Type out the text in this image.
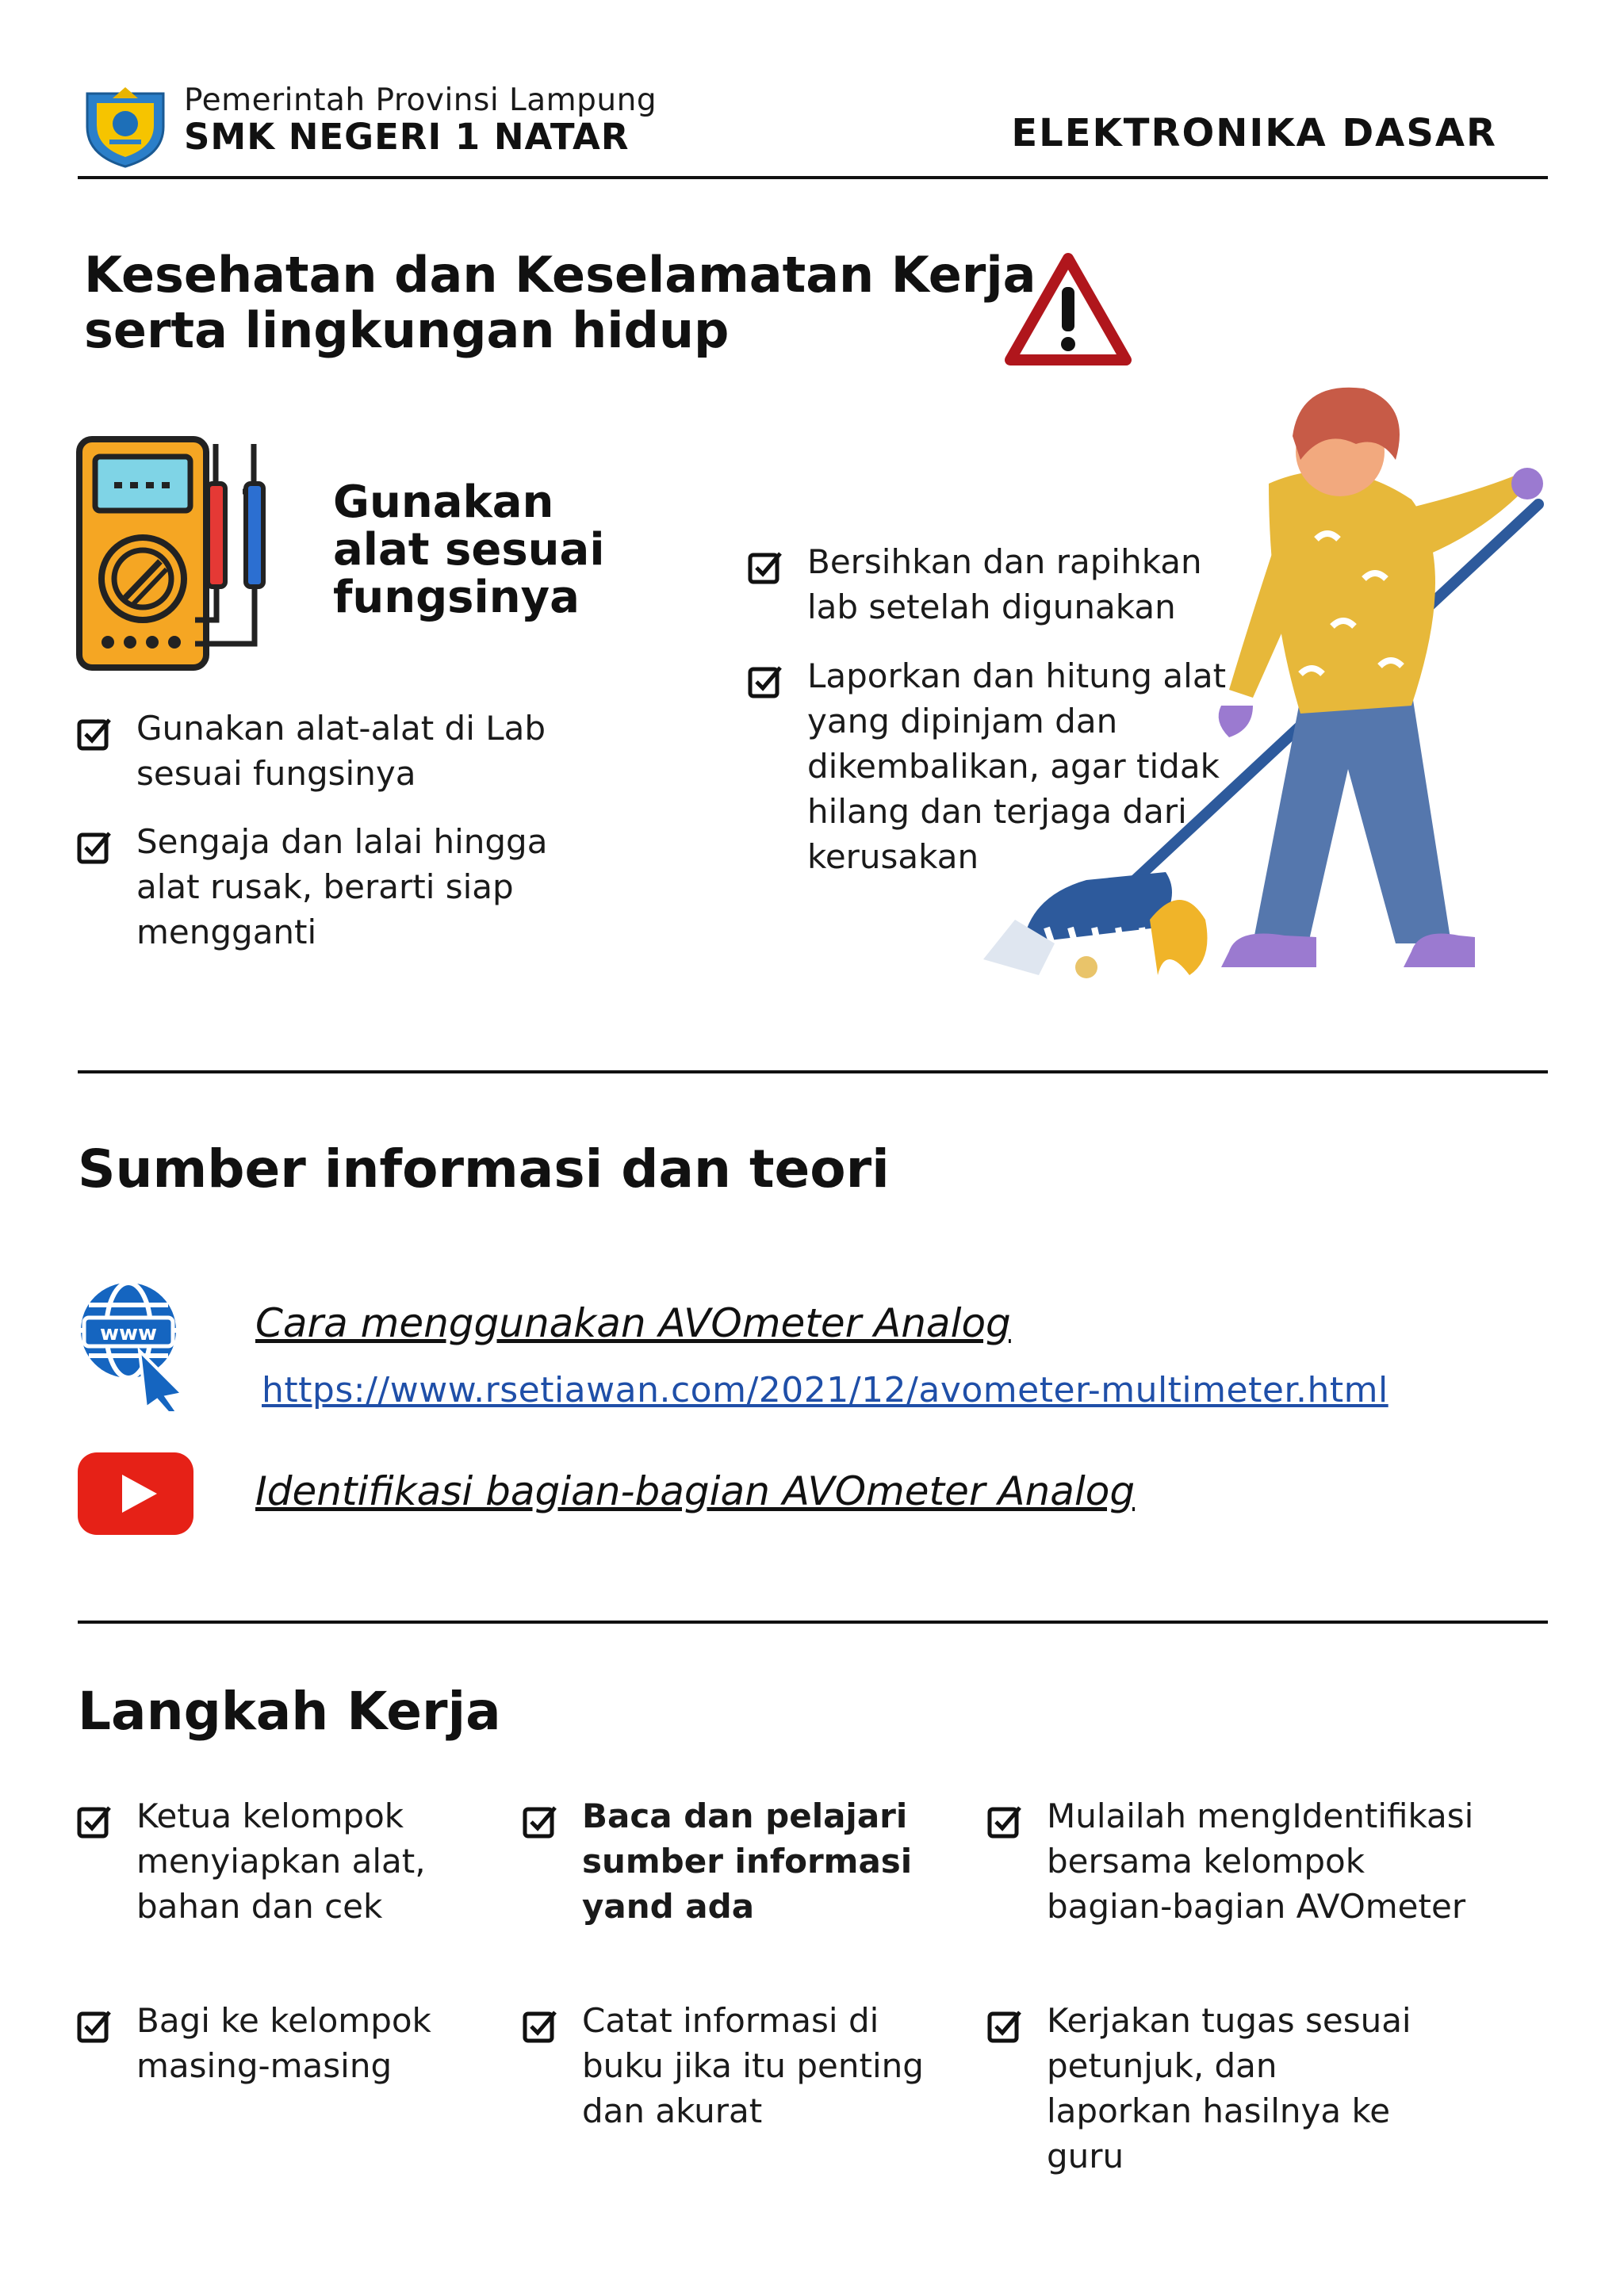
Pemerintah Provinsi Lampung
SMK NEGERI 1 NATAR	ELEKTRONIKA DASAR
Kesehatan dan Keselamatan Kerja
serta lingkungan hidup
Gunakan
alat sesuai
fungsinya
Gunakan alat-alat di Lab sesuai fungsinya
Sengaja dan lalai hingga alat rusak, berarti siap mengganti
Bersihkan dan rapihkan lab setelah digunakan
Laporkan dan hitung alat yang dipinjam dan dikembalikan, agar tidak hilang dan terjaga dari kerusakan
Sumber informasi dan teori
www Cara menggunakan AVOmeter Analog
https://www.rsetiawan.com/2021/12/avometer-multimeter.html
Identifikasi bagian-bagian AVOmeter Analog
Langkah Kerja
Ketua kelompok menyiapkan alat, bahan dan cek
Baca dan pelajari sumber informasi yand ada
Mulailah mengIdentifikasi bersama kelompok bagian-bagian AVOmeter
Bagi ke kelompok masing-masing
Catat informasi di buku jika itu penting dan akurat
Kerjakan tugas sesuai petunjuk, dan laporkan hasilnya ke guru
